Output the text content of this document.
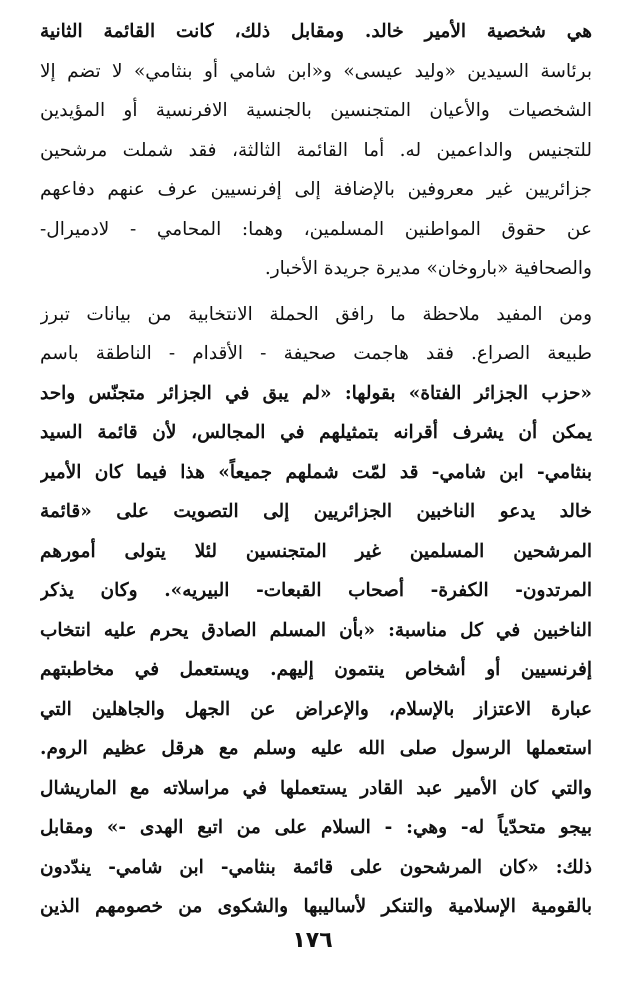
هي شخصية الأمير خالد. ومقابل ذلك، كانت القائمة الثانية
برئاسة السيدين «وليد عيسى» و«ابن شامي أو بنثامي» لا تضم إلا
الشخصيات والأعيان المتجنسين بالجنسية الافرنسية أو المؤيدين
للتجنيس والداعمين له. أما القائمة الثالثة، فقد شملت مرشحين
جزائريين غير معروفين بالإضافة إلى إفرنسيين عرف عنهم دفاعهم
عن حقوق المواطنين المسلمين، وهما: المحامي - لادميرال-
والصحافية «باروخان» مديرة جريدة الأخبار.
ومن المفيد ملاحظة ما رافق الحملة الانتخابية من بيانات تبرز
طبيعة الصراع. فقد هاجمت صحيفة - الأقدام - الناطقة باسم
«حزب الجزائر الفتاة» بقولها: «لم يبق في الجزائر متجنّس واحد
يمكن أن يشرف أقرانه بتمثيلهم في المجالس، لأن قائمة السيد
بنثامي- ابن شامي- قد لمّت شملهم جميعاً» هذا فيما كان الأمير
خالد يدعو الناخبين الجزائريين إلى التصويت على «قائمة
المرشحين المسلمين غير المتجنسين لئلا يتولى أمورهم
المرتدون- الكفرة- أصحاب القبعات- البيريه». وكان يذكر
الناخبين في كل مناسبة: «بأن المسلم الصادق يحرم عليه انتخاب
إفرنسيين أو أشخاص ينتمون إليهم. ويستعمل في مخاطبتهم
عبارة الاعتزاز بالإسلام، والإعراض عن الجهل والجاهلين التي
استعملها الرسول صلى الله عليه وسلم مع هرقل عظيم الروم.
والتي كان الأمير عبد القادر يستعملها في مراسلاته مع الماريشال
بيجو متحدّياً له- وهي: - السلام على من اتبع الهدى -» ومقابل
ذلك: «كان المرشحون على قائمة بنثامي- ابن شامي- يندّدون
بالقومية الإسلامية والتنكر لأساليبها والشكوى من خصومهم الذين
١٧٦
